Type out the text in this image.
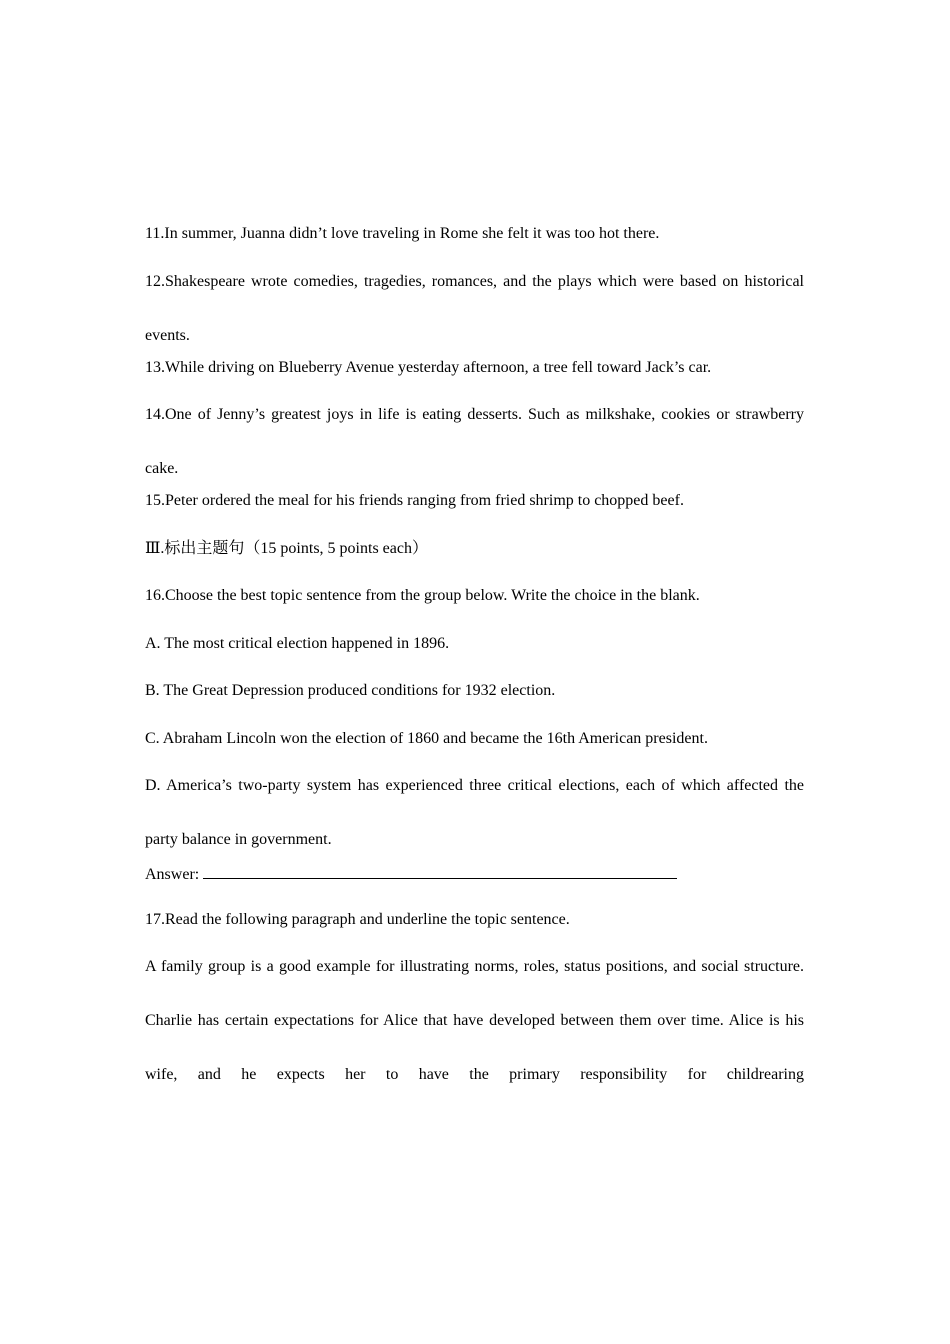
11.In summer, Juanna didn’t love traveling in Rome she felt it was too hot there.
12.Shakespeare wrote comedies, tragedies, romances, and the plays which were based on historical events.
13.While driving on Blueberry Avenue yesterday afternoon, a tree fell toward Jack’s car.
14.One of Jenny’s greatest joys in life is eating desserts. Such as milkshake, cookies or strawberry cake.
15.Peter ordered the meal for his friends ranging from fried shrimp to chopped beef.
Ⅲ.标出主题句（15 points, 5 points each）
16.Choose the best topic sentence from the group below. Write the choice in the blank.
A. The most critical election happened in 1896.
B. The Great Depression produced conditions for 1932 election.
C. Abraham Lincoln won the election of 1860 and became the 16th American president.
D. America’s two-party system has experienced three critical elections, each of which affected the party balance in government.
Answer:
17.Read the following paragraph and underline the topic sentence.
A family group is a good example for illustrating norms, roles, status positions, and social structure. Charlie has certain expectations for Alice that have developed between them over time. Alice is his wife, and he expects her to have the primary responsibility for childrearing
